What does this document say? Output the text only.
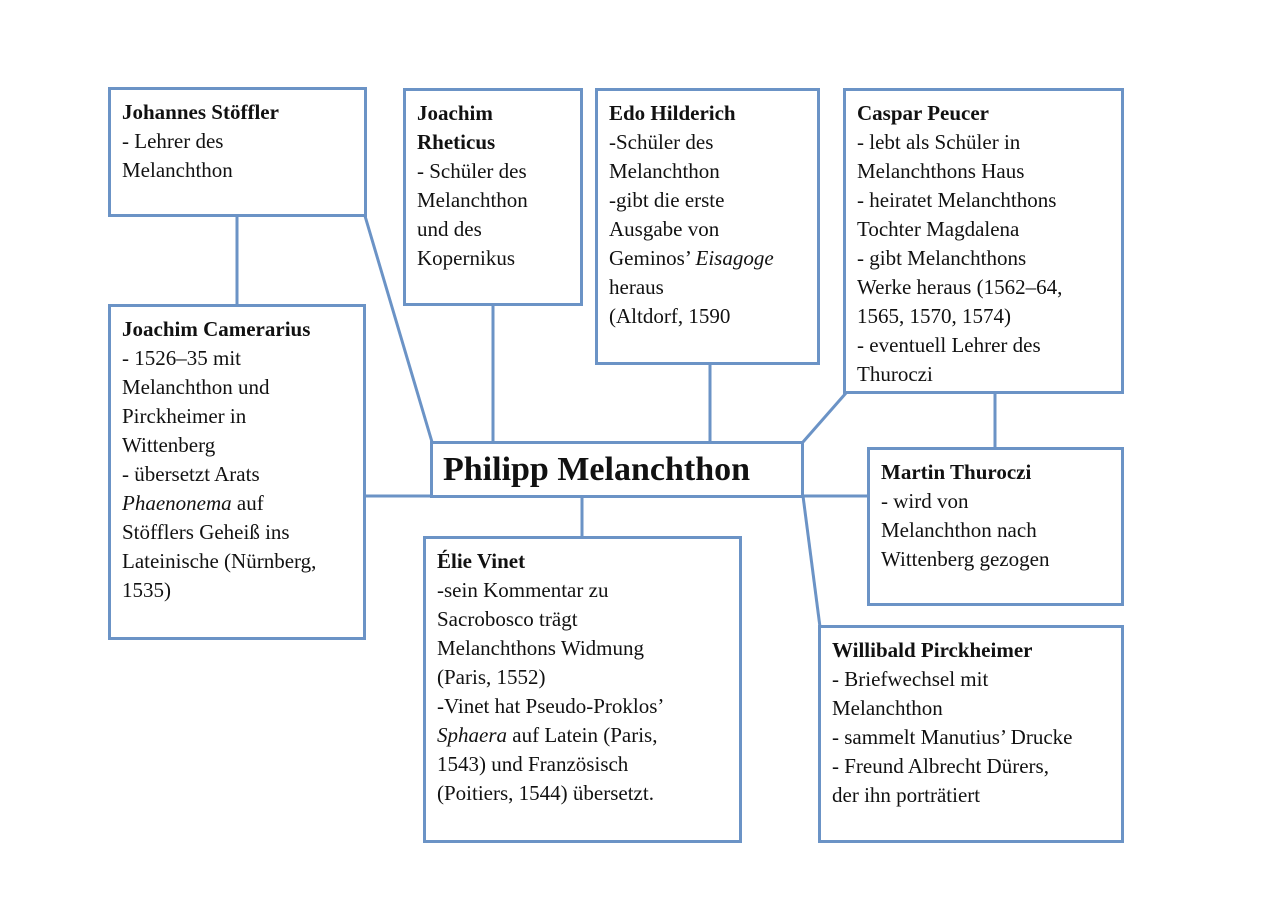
Johannes Stöffler
- Lehrer des
Melanchthon
Joachim
Rheticus
- Schüler des
Melanchthon
und des
Kopernikus
Edo Hilderich
-Schüler des
Melanchthon
-gibt die erste
Ausgabe von
Geminos’ Eisagoge
heraus
(Altdorf, 1590
Caspar Peucer
- lebt als Schüler in
Melanchthons Haus
- heiratet Melanchthons
Tochter Magdalena
- gibt Melanchthons
Werke heraus (1562–64,
1565, 1570, 1574)
- eventuell Lehrer des
Thuroczi
Joachim Camerarius
- 1526–35 mit
Melanchthon und
Pirckheimer in
Wittenberg
- übersetzt Arats
Phaenonema auf
Stöfflers Geheiß ins
Lateinische (Nürnberg,
1535)
Philipp Melanchthon	Martin Thuroczi
- wird von
Melanchthon nach
Wittenberg gezogen
Élie Vinet
-sein Kommentar zu
Sacrobosco trägt
Melanchthons Widmung
(Paris, 1552)
-Vinet hat Pseudo-Proklos’
Sphaera auf Latein (Paris,
1543) und Französisch
(Poitiers, 1544) übersetzt.
Willibald Pirckheimer
- Briefwechsel mit
Melanchthon
- sammelt Manutius’ Drucke
- Freund Albrecht Dürers,
der ihn porträtiert
